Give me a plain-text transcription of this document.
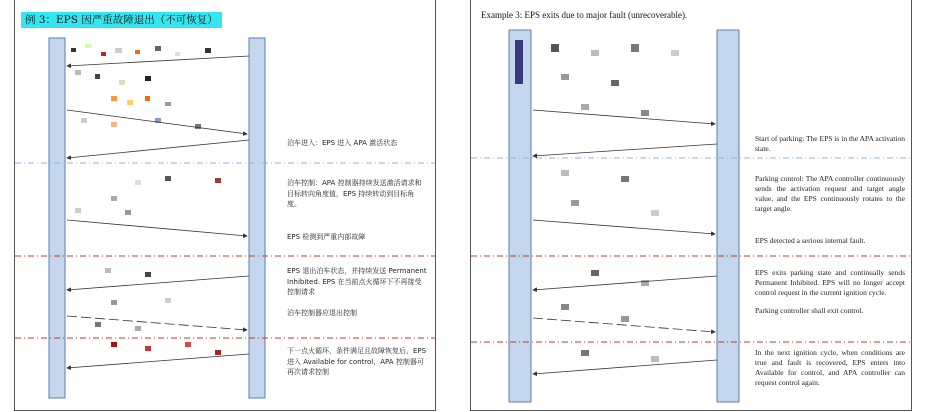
例 3：EPS 因严重故障退出（不可恢复）
泊车进入：EPS 进入 APA 激活状态
泊车控制：APA 控制器持续发送激活请求和目标转向角度值，EPS 持续转动到目标角度。
EPS 检测到严重内部故障
EPS 退出泊车状态，并持续发送 Permanent Inhibited. EPS 在当前点火循环下不再接受控制请求
泊车控制器应退出控制
下一点火循环，条件满足且故障恢复后，EPS 进入 Available for control，APA 控制器可再次请求控制
Example 3: EPS exits due to major fault (unrecoverable).
Start of parking: The EPS is in the APA activation state.
Parking control: The APA controller continuously sends the activation request and target angle value, and the EPS continuously rotates to the target angle.
EPS detected a serious internal fault.
EPS exits parking state and continually sends Permanent Inhibited. EPS will no longer accept control request in the current ignition cycle.
Parking controller shall exit control.
In the next ignition cycle, when conditions are true and fault is recovered, EPS enters into Available for control, and APA controller can request control again.
